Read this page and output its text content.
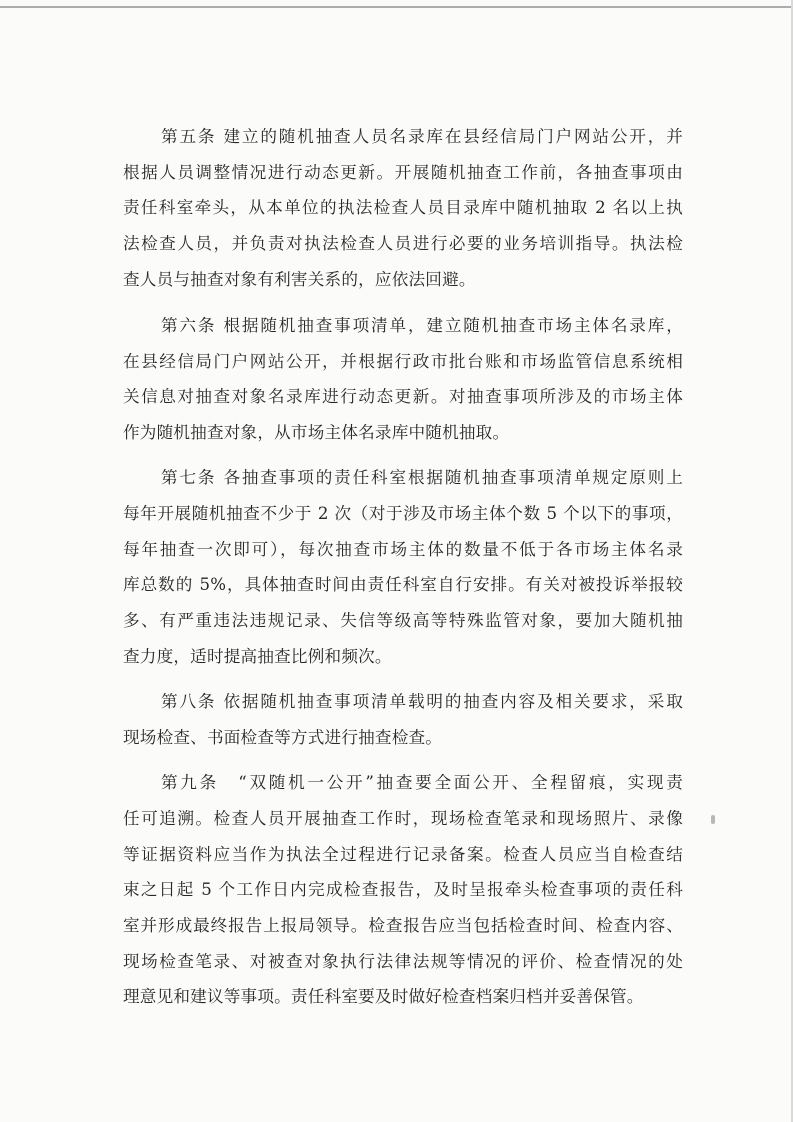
第五条 建立的随机抽查人员名录库在县经信局门户网站公开，并
根据人员调整情况进行动态更新。开展随机抽查工作前，各抽查事项由
责任科室牵头，从本单位的执法检查人员目录库中随机抽取 2 名以上执
法检查人员，并负责对执法检查人员进行必要的业务培训指导。执法检
查人员与抽查对象有利害关系的，应依法回避。
第六条 根据随机抽查事项清单，建立随机抽查市场主体名录库，
在县经信局门户网站公开，并根据行政市批台账和市场监管信息系统相
关信息对抽查对象名录库进行动态更新。对抽查事项所涉及的市场主体
作为随机抽查对象，从市场主体名录库中随机抽取。
第七条 各抽查事项的责任科室根据随机抽查事项清单规定原则上
每年开展随机抽查不少于 2 次（对于涉及市场主体个数 5 个以下的事项，
每年抽查一次即可），每次抽查市场主体的数量不低于各市场主体名录
库总数的 5%，具体抽查时间由责任科室自行安排。有关对被投诉举报较
多、有严重违法违规记录、失信等级高等特殊监管对象，要加大随机抽
查力度，适时提高抽查比例和频次。
第八条 依据随机抽查事项清单载明的抽查内容及相关要求，采取
现场检查、书面检查等方式进行抽查检查。
第九条　“双随机一公开”抽查要全面公开、全程留痕，实现责
任可追溯。检查人员开展抽查工作时，现场检查笔录和现场照片、录像
等证据资料应当作为执法全过程进行记录备案。检查人员应当自检查结
束之日起 5 个工作日内完成检查报告，及时呈报牵头检查事项的责任科
室并形成最终报告上报局领导。检查报告应当包括检查时间、检查内容、
现场检查笔录、对被查对象执行法律法规等情况的评价、检查情况的处
理意见和建议等事项。责任科室要及时做好检查档案归档并妥善保管。
